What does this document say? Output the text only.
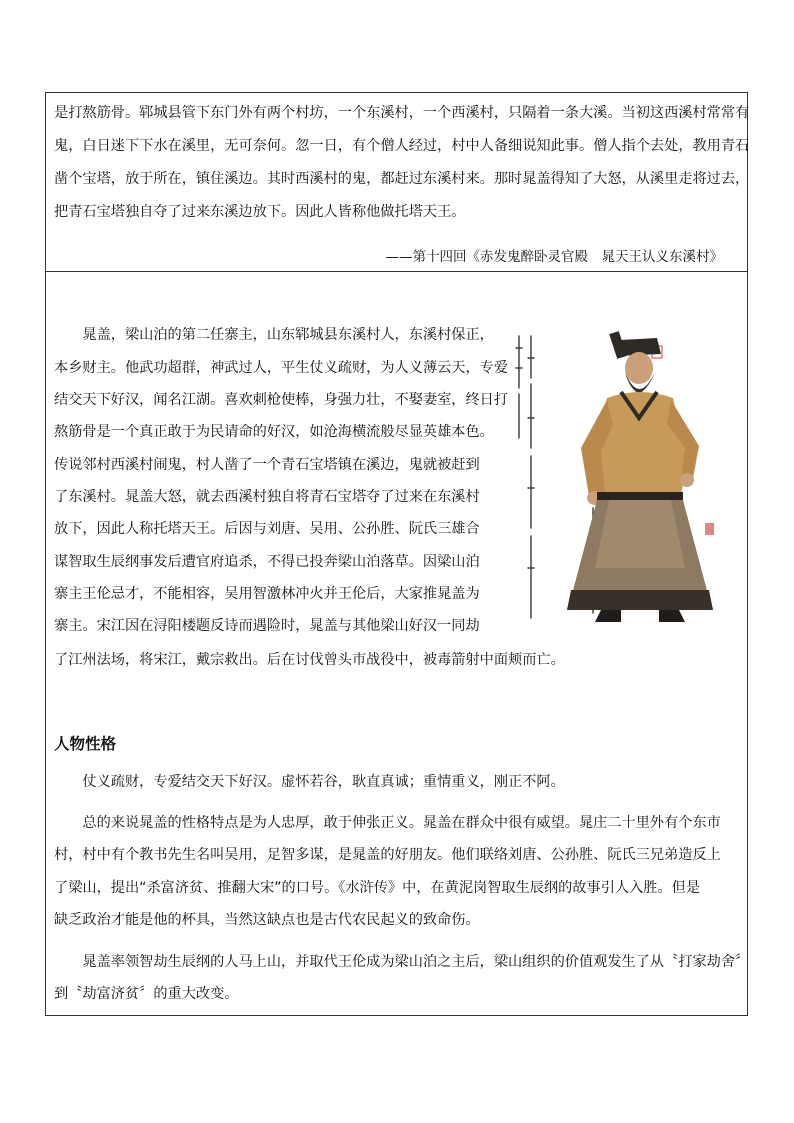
是打熬筋骨。郓城县管下东门外有两个村坊，一个东溪村，一个西溪村，只隔着一条大溪。当初这西溪村常常有
鬼，白日迷下下水在溪里，无可奈何。忽一日，有个僧人经过，村中人备细说知此事。僧人指个去处，教用青石
凿个宝塔，放于所在，镇住溪边。其时西溪村的鬼，都赶过东溪村来。那时晁盖得知了大怒，从溪里走将过去，
把青石宝塔独自夺了过来东溪边放下。因此人皆称他做托塔天王。
——第十四回《赤发鬼醉卧灵官殿　晁天王认义东溪村》
　　晁盖，梁山泊的第二任寨主，山东郓城县东溪村人，东溪村保正，
本乡财主。他武功超群，神武过人，平生仗义疏财，为人义薄云天，专爱
结交天下好汉，闻名江湖。喜欢刺枪使棒，身强力壮，不娶妻室，终日打
熬筋骨是一个真正敢于为民请命的好汉，如沧海横流般尽显英雄本色。
传说邻村西溪村闹鬼，村人凿了一个青石宝塔镇在溪边，鬼就被赶到
了东溪村。晁盖大怒，就去西溪村独自将青石宝塔夺了过来在东溪村
放下，因此人称托塔天王。后因与刘唐、吴用、公孙胜、阮氏三雄合
谋智取生辰纲事发后遭官府追杀，不得已投奔梁山泊落草。因梁山泊
寨主王伦忌才，不能相容，吴用智激林冲火并王伦后，大家推晁盖为
寨主。宋江因在浔阳楼题反诗而遇险时，晁盖与其他梁山好汉一同劫
了江州法场，将宋江，戴宗救出。后在讨伐曾头市战役中，被毒箭射中面颊而亡。
人物性格
　　仗义疏财，专爱结交天下好汉。虚怀若谷，耿直真诚；重情重义，刚正不阿。
　　总的来说晁盖的性格特点是为人忠厚，敢于伸张正义。晁盖在群众中很有威望。晁庄二十里外有个东市
村，村中有个教书先生名叫吴用，足智多谋，是晁盖的好朋友。他们联络刘唐、公孙胜、阮氏三兄弟造反上
了梁山，提出“杀富济贫、推翻大宋”的口号。《水浒传》中，在黄泥岗智取生辰纲的故事引人入胜。但是
缺乏政治才能是他的杯具，当然这缺点也是古代农民起义的致命伤。
　　晁盖率领智劫生辰纲的人马上山，并取代王伦成为梁山泊之主后，梁山组织的价值观发生了从〝打家劫舍〞
到〝劫富济贫〞的重大改变。
